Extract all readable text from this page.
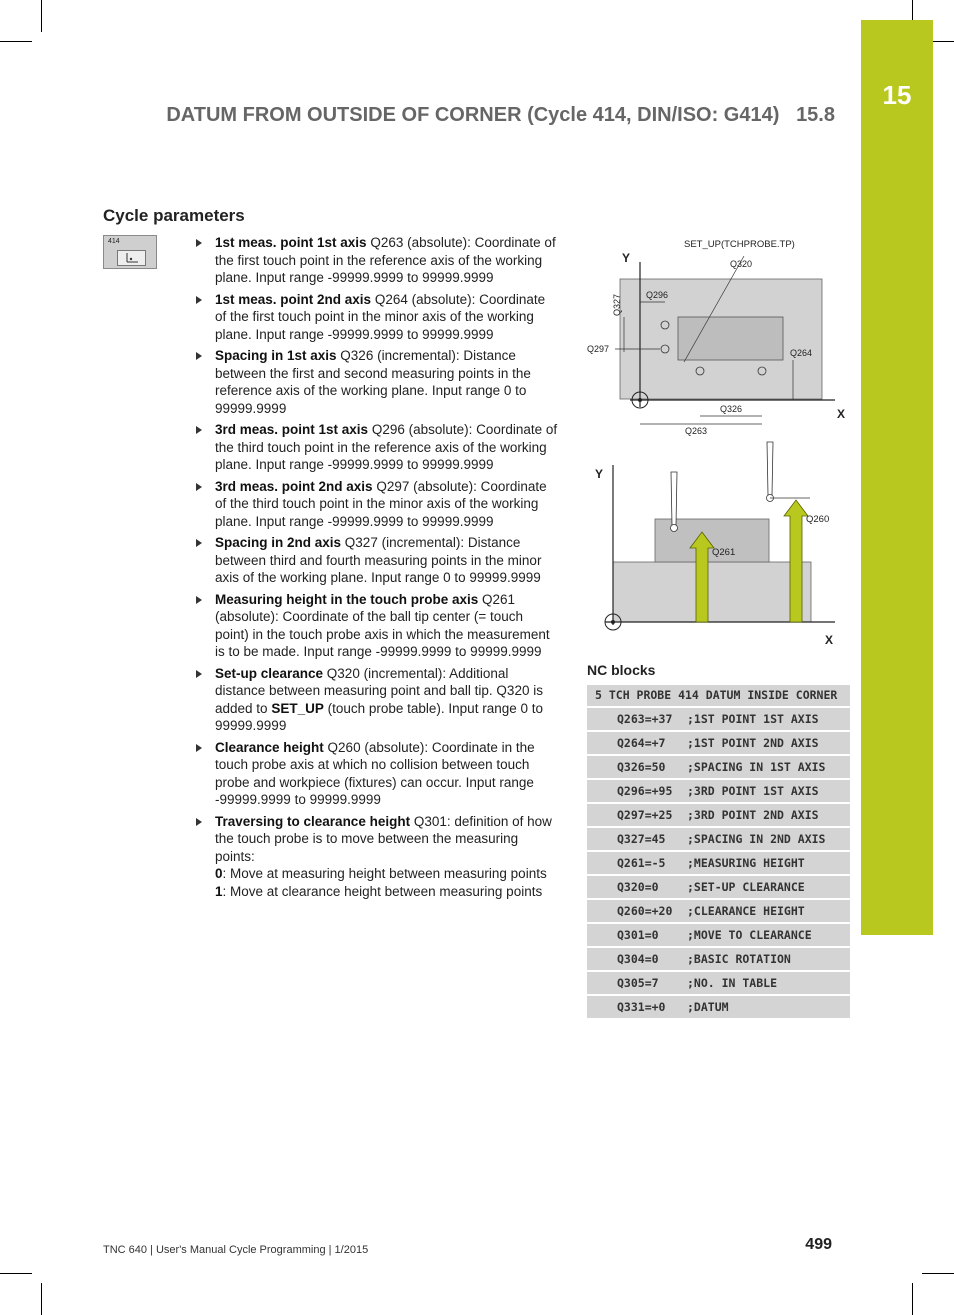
15
DATUM FROM OUTSIDE OF CORNER (Cycle 414, DIN/ISO: G414) 15.8
Cycle parameters
414	1st meas. point 1st axis Q263 (absolute): Coordinate of the first touch point in the reference axis of the working plane. Input range -99999.9999 to 99999.9999
1st meas. point 2nd axis Q264 (absolute): Coordinate of the first touch point in the minor axis of the working plane. Input range -99999.9999 to 99999.9999
Spacing in 1st axis Q326 (incremental): Distance between the first and second measuring points in the reference axis of the working plane. Input range 0 to 99999.9999
3rd meas. point 1st axis Q296 (absolute): Coordinate of the third touch point in the reference axis of the working plane. Input range -99999.9999 to 99999.9999
3rd meas. point 2nd axis Q297 (absolute): Coordinate of the third touch point in the minor axis of the working plane. Input range -99999.9999 to 99999.9999
Spacing in 2nd axis Q327 (incremental): Distance between third and fourth measuring points in the minor axis of the working plane. Input range 0 to 99999.9999
Measuring height in the touch probe axis Q261 (absolute): Coordinate of the ball tip center (= touch point) in the touch probe axis in which the measurement is to be made. Input range -99999.9999 to 99999.9999
Set-up clearance Q320 (incremental): Additional distance between measuring point and ball tip. Q320 is added to SET_UP (touch probe table). Input range 0 to 99999.9999
Clearance height Q260 (absolute): Coordinate in the touch probe axis at which no collision between touch probe and workpiece (fixtures) can occur. Input range -99999.9999 to 99999.9999
Traversing to clearance height Q301: definition of how the touch probe is to move between the measuring points:
0: Move at measuring height between measuring points
1: Move at clearance height between measuring points
Y
X
SET_UP(TCHPROBE.TP)
Q320
Q327	Q296
Q297	Q264
Q326
Q263
Y
X
Q261
Q260
NC blocks
5 TCH PROBE 414 DATUM INSIDE CORNER	
Q263=+37	;1ST POINT 1ST AXIS
Q264=+7	;1ST POINT 2ND AXIS
Q326=50	;SPACING IN 1ST AXIS
Q296=+95	;3RD POINT 1ST AXIS
Q297=+25	;3RD POINT 2ND AXIS
Q327=45	;SPACING IN 2ND AXIS
Q261=-5	;MEASURING HEIGHT
Q320=0	;SET-UP CLEARANCE
Q260=+20	;CLEARANCE HEIGHT
Q301=0	;MOVE TO CLEARANCE
Q304=0	;BASIC ROTATION
Q305=7	;NO. IN TABLE
Q331=+0	;DATUM
TNC 640 | User's Manual Cycle Programming | 1/2015	499
